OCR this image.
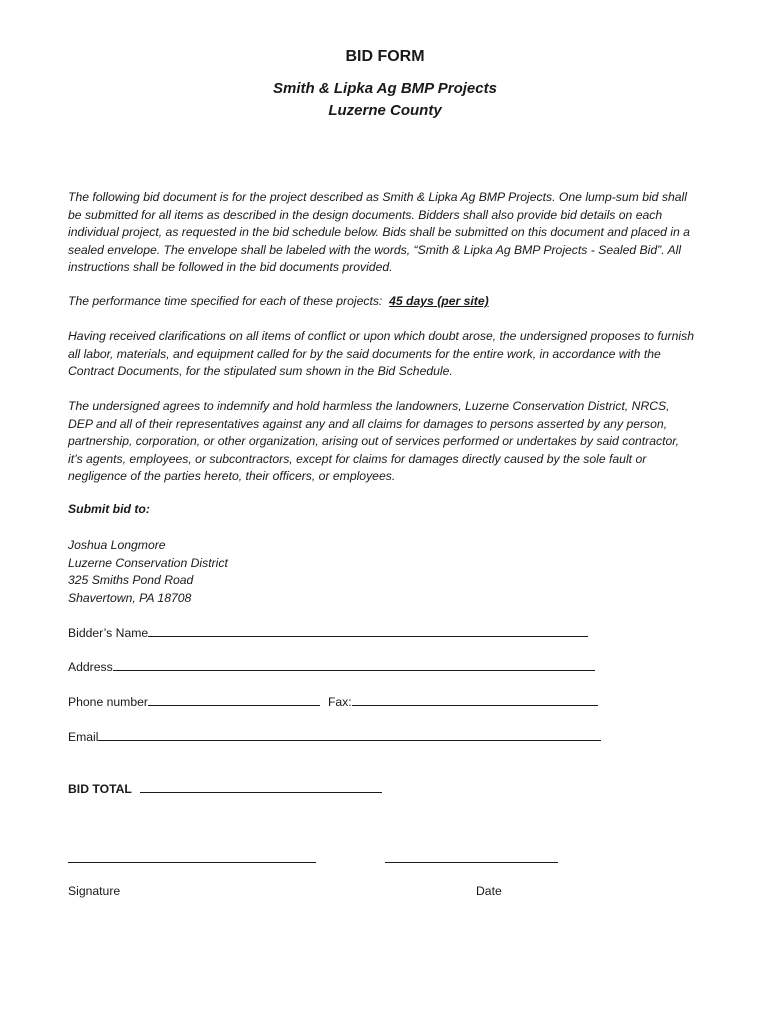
BID FORM
Smith & Lipka Ag BMP Projects
Luzerne County

The following bid document is for the project described as Smith & Lipka Ag BMP Projects. One lump-sum bid shall be submitted for all items as described in the design documents. Bidders shall also provide bid details on each individual project, as requested in the bid schedule below. Bids shall be submitted on this document and placed in a sealed envelope. The envelope shall be labeled with the words, “Smith & Lipka Ag BMP Projects - Sealed Bid”. All instructions shall be followed in the bid documents provided.

The performance time specified for each of these projects: 45 days (per site)

Having received clarifications on all items of conflict or upon which doubt arose, the undersigned proposes to furnish all labor, materials, and equipment called for by the said documents for the entire work, in accordance with the Contract Documents, for the stipulated sum shown in the Bid Schedule.

The undersigned agrees to indemnify and hold harmless the landowners, Luzerne Conservation District, NRCS, DEP and all of their representatives against any and all claims for damages to persons asserted by any person, partnership, corporation, or other organization, arising out of services performed or undertakes by said contractor, it’s agents, employees, or subcontractors, except for claims for damages directly caused by the sole fault or negligence of the parties hereto, their officers, or employees.

Submit bid to:
Joshua Longmore
Luzerne Conservation District
325 Smiths Pond Road
Shavertown, PA 18708
Bidder’s Name
Address
Phone number	Fax:
Email
BID TOTAL
Signature	Date
